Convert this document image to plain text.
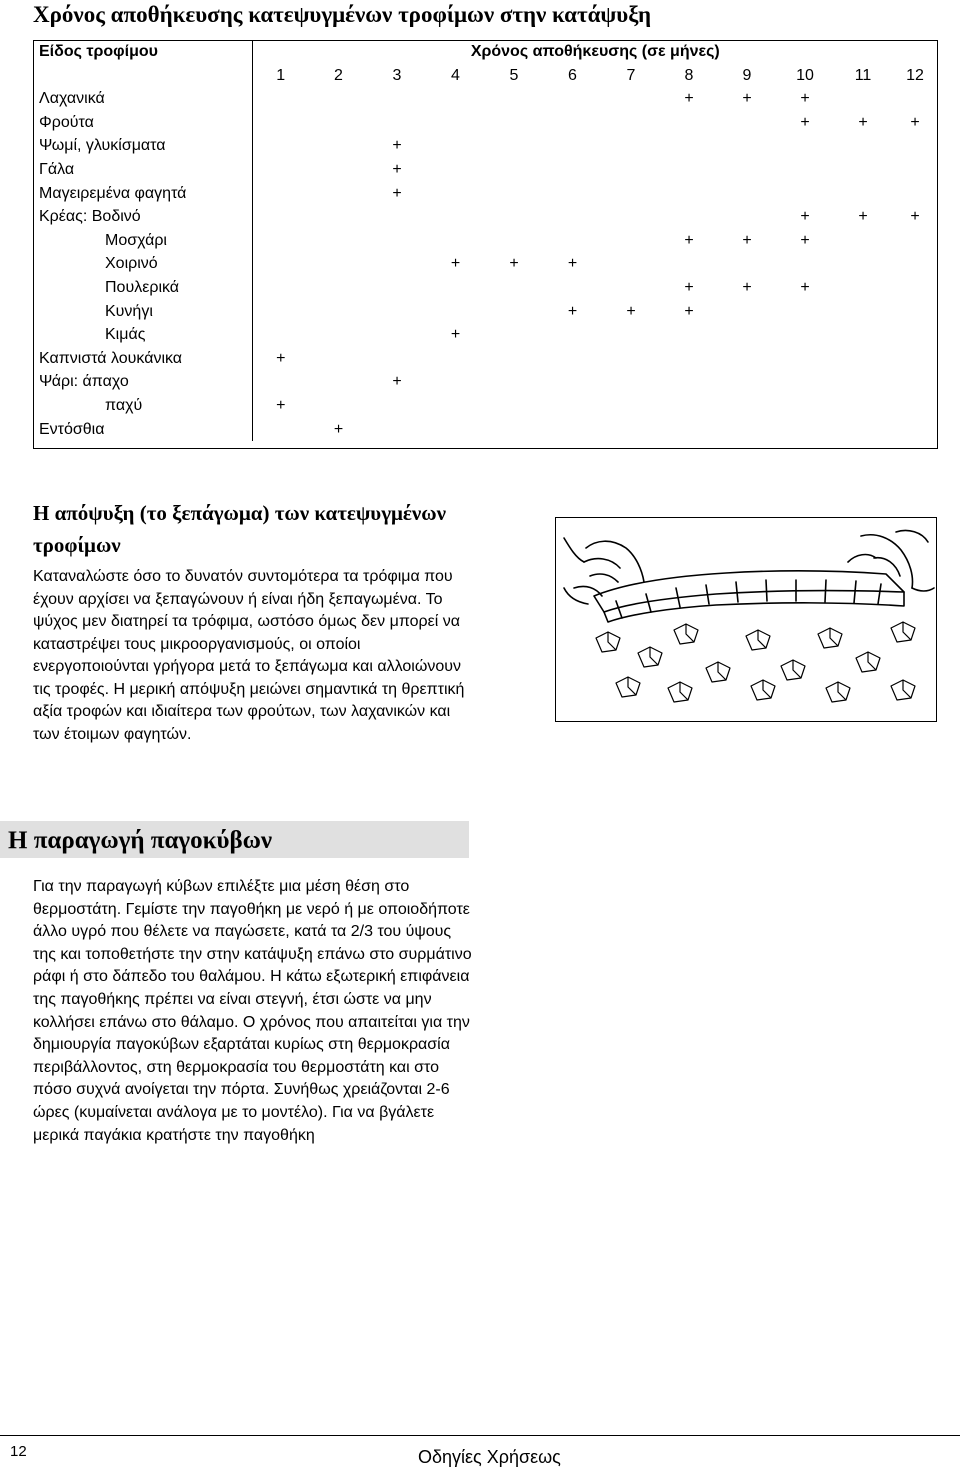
Χρόνος αποθήκευσης κατεψυγμένων τροφίμων στην κατάψυξη
Είδος τροφίμου	Χρόνος αποθήκευσης (σε μήνες)											
	1	2	3	4	5	6	7	8	9	10	11	12
Λαχανικά								+	+	+		
Φρούτα										+	+	+
Ψωμί, γλυκίσματα			+									
Γάλα			+									
Μαγειρεμένα φαγητά			+									
Κρέας: Βοδινό										+	+	+
Μοσχάρι								+	+	+		
Χοιρινό				+	+	+						
Πουλερικά								+	+	+		
Κυνήγι						+	+	+				
Κιμάς				+								
Καπνιστά λουκάνικα	+											
Ψάρι: άπαχο			+									
παχύ	+											
Εντόσθια		+										
Η απόψυξη (το ξεπάγωμα) των κατεψυγμένων τροφίμων
Καταναλώστε όσο το δυνατόν συντομότερα τα τρόφιμα που έχουν αρχίσει να ξεπαγώνουν ή είναι ήδη ξεπαγωμένα. Το ψύχος μεν διατηρεί τα τρόφιμα, ωστόσο όμως δεν μπορεί να καταστρέψει τους μικροοργανισμούς, οι οποίοι ενεργοποιούνται γρήγορα μετά το ξεπάγωμα και αλλοιώνουν τις τροφές. Η μερική απόψυξη μειώνει σημαντικά τη θρεπτική αξία τροφών και ιδιαίτερα των φρούτων, των λαχανικών και των έτοιμων φαγητών.
Η παραγωγή παγοκύβων
Για την παραγωγή κύβων επιλέξτε μια μέση θέση στο θερμοστάτη. Γεμίστε την παγοθήκη με νερό ή με οποιοδήποτε άλλο υγρό που θέλετε να παγώσετε, κατά τα 2/3 του ύψους της και τοποθετήστε την στην κατάψυξη επάνω στο συρμάτινο ράφι ή στο δάπεδο του θαλάμου. Η κάτω εξωτερική επιφάνεια της παγοθήκης πρέπει να είναι στεγνή, έτσι ώστε να μην κολλήσει επάνω στο θάλαμο. Ο χρόνος που απαιτείται για την δημιουργία παγοκύβων εξαρτάται κυρίως στη θερμοκρασία περιβάλλοντος, στη θερμοκρασία του θερμοστάτη και στο πόσο συχνά ανοίγεται την πόρτα. Συνήθως χρειάζονται 2-6 ώρες (κυμαίνεται ανάλογα με το μοντέλο). Για να βγάλετε μερικά παγάκια κρατήστε την παγοθήκη
12	Οδηγίες Χρήσεως
